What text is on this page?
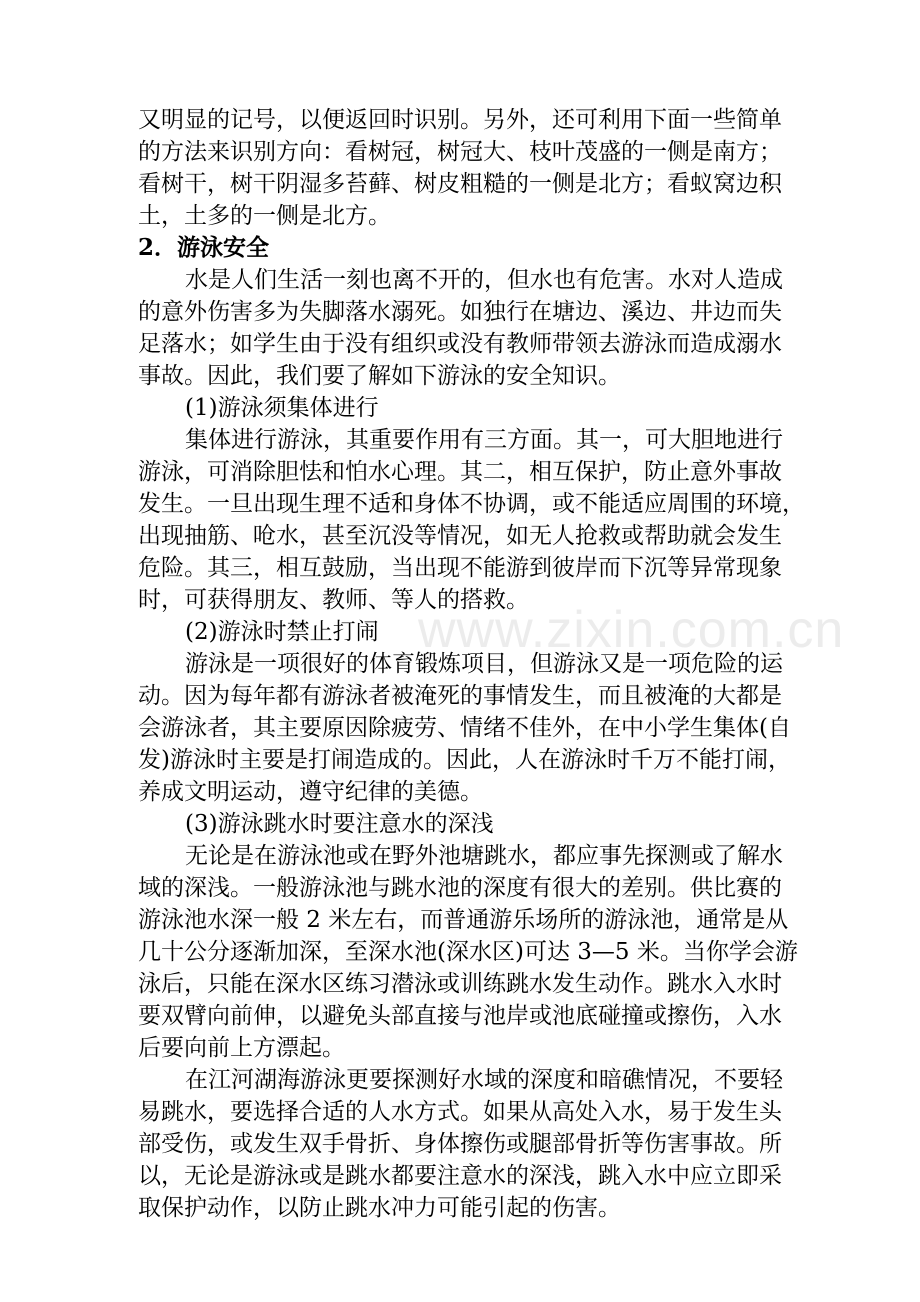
又明显的记号，以便返回时识别。另外，还可利用下面一些简单

的方法来识别方向：看树冠，树冠大、枝叶茂盛的一侧是南方；

看树干，树干阴湿多苔藓、树皮粗糙的一侧是北方；看蚁窝边积

土，土多的一侧是北方。

2．游泳安全

水是人们生活一刻也离不开的，但水也有危害。水对人造成

的意外伤害多为失脚落水溺死。如独行在塘边、溪边、井边而失

足落水；如学生由于没有组织或没有教师带领去游泳而造成溺水

事故。因此，我们要了解如下游泳的安全知识。

(1)游泳须集体进行

集体进行游泳，其重要作用有三方面。其一，可大胆地进行

游泳，可消除胆怯和怕水心理。其二，相互保护，防止意外事故

发生。一旦出现生理不适和身体不协调，或不能适应周围的环境，

出现抽筋、呛水，甚至沉没等情况，如无人抢救或帮助就会发生

危险。其三，相互鼓励，当出现不能游到彼岸而下沉等异常现象

时，可获得朋友、教师、等人的搭救。

(2)游泳时禁止打闹

游泳是一项很好的体育锻炼项目，但游泳又是一项危险的运

动。因为每年都有游泳者被淹死的事情发生，而且被淹的大都是

会游泳者，其主要原因除疲劳、情绪不佳外，在中小学生集体(自

发)游泳时主要是打闹造成的。因此，人在游泳时千万不能打闹，

养成文明运动，遵守纪律的美德。

(3)游泳跳水时要注意水的深浅

无论是在游泳池或在野外池塘跳水，都应事先探测或了解水

域的深浅。一般游泳池与跳水池的深度有很大的差别。供比赛的

游泳池水深一般 2 米左右，而普通游乐场所的游泳池，通常是从

几十公分逐渐加深，至深水池(深水区)可达 3—5 米。当你学会游

泳后，只能在深水区练习潜泳或训练跳水发生动作。跳水入水时

要双臂向前伸，以避免头部直接与池岸或池底碰撞或擦伤，入水

后要向前上方漂起。

在江河湖海游泳更要探测好水域的深度和暗礁情况，不要轻

易跳水，要选择合适的人水方式。如果从高处入水，易于发生头

部受伤，或发生双手骨折、身体擦伤或腿部骨折等伤害事故。所

以，无论是游泳或是跳水都要注意水的深浅，跳入水中应立即采

取保护动作，以防止跳水冲力可能引起的伤害。

www.zixin.com.cn
